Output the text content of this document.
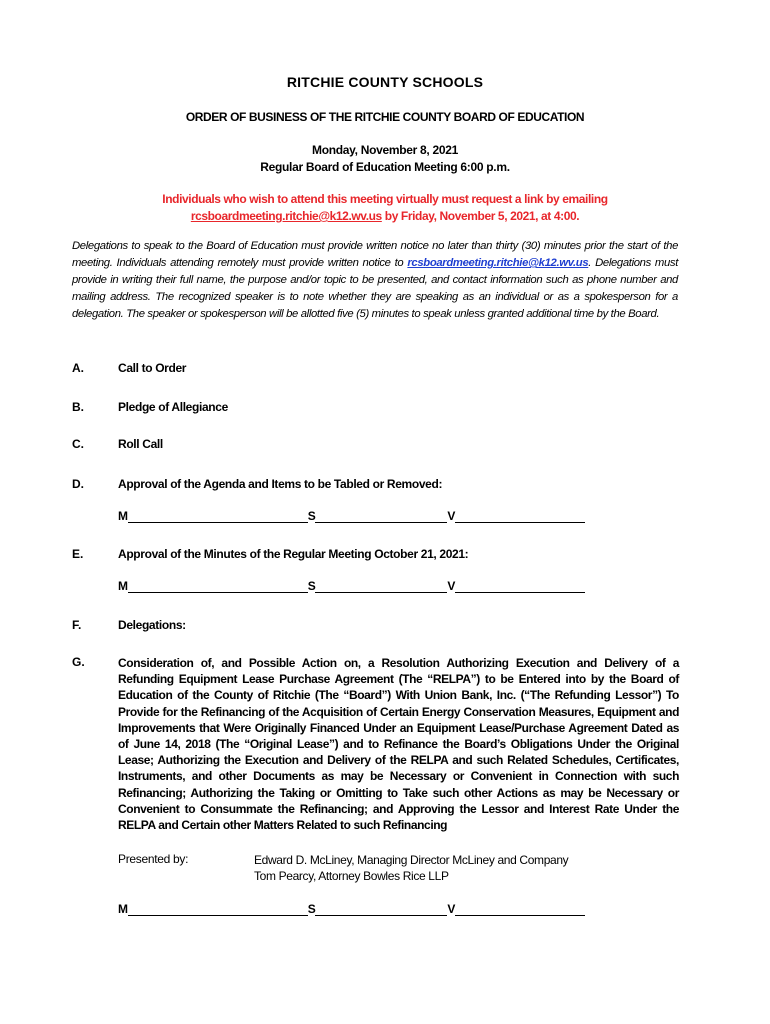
RITCHIE COUNTY SCHOOLS
ORDER OF BUSINESS OF THE RITCHIE COUNTY BOARD OF EDUCATION
Monday, November 8, 2021
Regular Board of Education Meeting 6:00 p.m.
Individuals who wish to attend this meeting virtually must request a link by emailing
rcsboardmeeting.ritchie@k12.wv.us by Friday, November 5, 2021, at 4:00.
Delegations to speak to the Board of Education must provide written notice no later than thirty (30) minutes prior the start of the meeting. Individuals attending remotely must provide written notice to rcsboardmeeting.ritchie@k12.wv.us. Delegations must provide in writing their full name, the purpose and/or topic to be presented, and contact information such as phone number and mailing address. The recognized speaker is to note whether they are speaking as an individual or as a spokesperson for a delegation. The speaker or spokesperson will be allotted five (5) minutes to speak unless granted additional time by the Board.
A.	Call to Order
B.	Pledge of Allegiance
C.	Roll Call
D.	Approval of the Agenda and Items to be Tabled or Removed:
M	S	V
E.	Approval of the Minutes of the Regular Meeting October 21, 2021:
M	S	V
F.	Delegations:
G.	Consideration of, and Possible Action on, a Resolution Authorizing Execution and Delivery of a Refunding Equipment Lease Purchase Agreement (The “RELPA”) to be Entered into by the Board of Education of the County of Ritchie (The “Board”) With Union Bank, Inc. (“The Refunding Lessor”) To Provide for the Refinancing of the Acquisition of Certain Energy Conservation Measures, Equipment and Improvements that Were Originally Financed Under an Equipment Lease/Purchase Agreement Dated as of June 14, 2018 (The “Original Lease”) and to Refinance the Board’s Obligations Under the Original Lease; Authorizing the Execution and Delivery of the RELPA and such Related Schedules, Certificates, Instruments, and other Documents as may be Necessary or Convenient in Connection with such Refinancing; Authorizing the Taking or Omitting to Take such other Actions as may be Necessary or Convenient to Consummate the Refinancing; and Approving the Lessor and Interest Rate Under the RELPA and Certain other Matters Related to such Refinancing
Presented by:	Edward D. McLiney, Managing Director McLiney and Company
Tom Pearcy, Attorney Bowles Rice LLP
M	S	V
